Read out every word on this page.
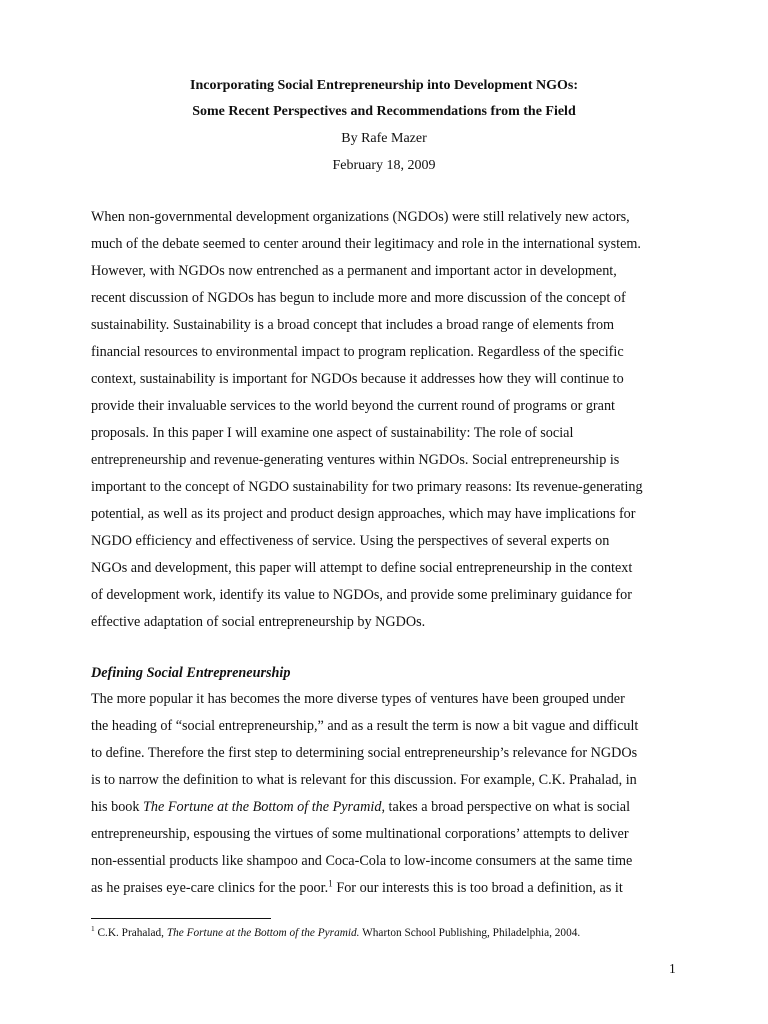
Incorporating Social Entrepreneurship into Development NGOs:
Some Recent Perspectives and Recommendations from the Field
By Rafe Mazer
February 18, 2009
When non-governmental development organizations (NGDOs) were still relatively new actors,
much of the debate seemed to center around their legitimacy and role in the international system.
However, with NGDOs now entrenched as a permanent and important actor in development,
recent discussion of NGDOs has begun to include more and more discussion of the concept of
sustainability. Sustainability is a broad concept that includes a broad range of elements from
financial resources to environmental impact to program replication. Regardless of the specific
context, sustainability is important for NGDOs because it addresses how they will continue to
provide their invaluable services to the world beyond the current round of programs or grant
proposals. In this paper I will examine one aspect of sustainability: The role of social
entrepreneurship and revenue-generating ventures within NGDOs. Social entrepreneurship is
important to the concept of NGDO sustainability for two primary reasons: Its revenue-generating
potential, as well as its project and product design approaches, which may have implications for
NGDO efficiency and effectiveness of service. Using the perspectives of several experts on
NGOs and development, this paper will attempt to define social entrepreneurship in the context
of development work, identify its value to NGDOs, and provide some preliminary guidance for
effective adaptation of social entrepreneurship by NGDOs.
Defining Social Entrepreneurship
The more popular it has becomes the more diverse types of ventures have been grouped under
the heading of “social entrepreneurship,” and as a result the term is now a bit vague and difficult
to define. Therefore the first step to determining social entrepreneurship’s relevance for NGDOs
is to narrow the definition to what is relevant for this discussion. For example, C.K. Prahalad, in
his book The Fortune at the Bottom of the Pyramid, takes a broad perspective on what is social
entrepreneurship, espousing the virtues of some multinational corporations’ attempts to deliver
non-essential products like shampoo and Coca-Cola to low-income consumers at the same time
as he praises eye-care clinics for the poor.$^1$ For our interests this is too broad a definition, as it
$^1$ C.K. Prahalad, The Fortune at the Bottom of the Pyramid. Wharton School Publishing, Philadelphia, 2004.
1
